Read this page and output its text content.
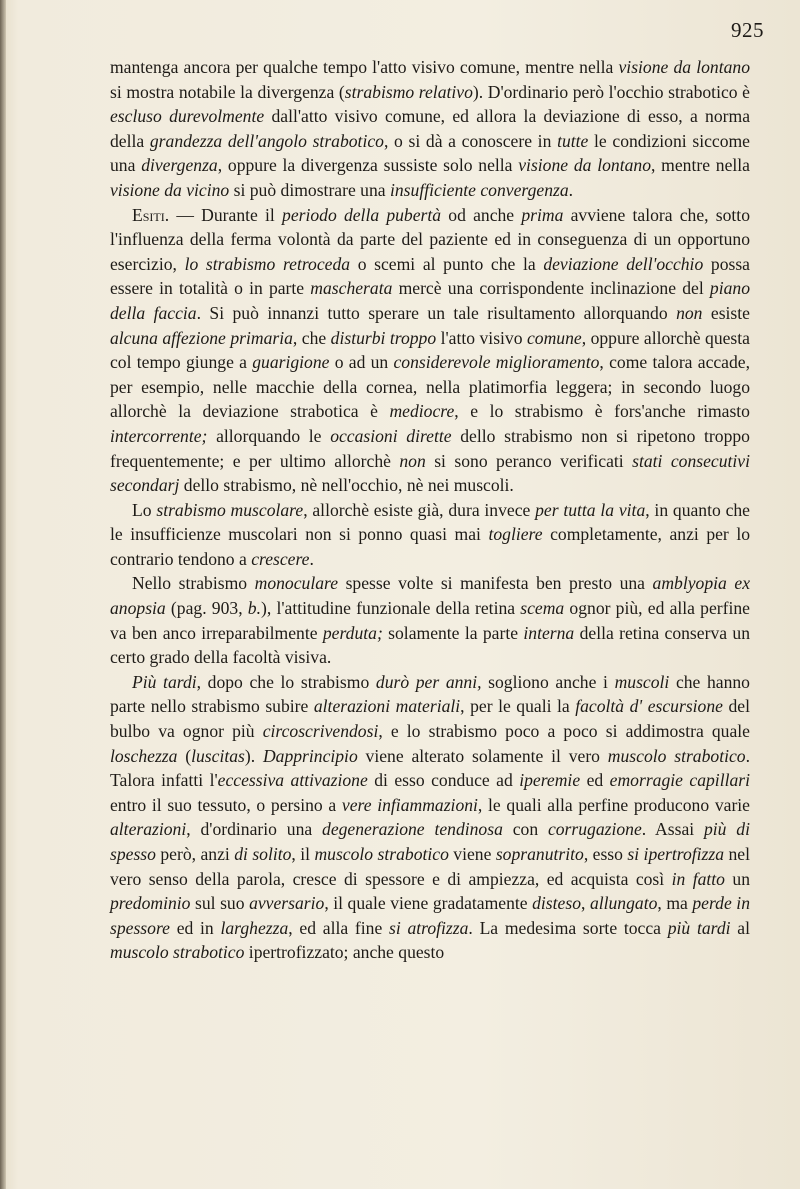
925

mantenga ancora per qualche tempo l'atto visivo comune, mentre nella visione da lontano si mostra notabile la divergenza (strabismo relativo). D'ordinario però l'occhio strabotico è escluso durevolmente dall'atto visivo comune, ed allora la deviazione di esso, a norma della grandezza dell'angolo strabotico, o si dà a conoscere in tutte le condizioni siccome una divergenza, oppure la divergenza sussiste solo nella visione da lontano, mentre nella visione da vicino si può dimostrare una insufficiente convergenza.

Esiti. — Durante il periodo della pubertà od anche prima avviene talora che, sotto l'influenza della ferma volontà da parte del paziente ed in conseguenza di un opportuno esercizio, lo strabismo retroceda o scemi al punto che la deviazione dell'occhio possa essere in totalità o in parte mascherata mercè una corrispondente inclinazione del piano della faccia. Si può innanzi tutto sperare un tale risultamento allorquando non esiste alcuna affezione primaria, che disturbi troppo l'atto visivo comune, oppure allorchè questa col tempo giunge a guarigione o ad un considerevole miglioramento, come talora accade, per esempio, nelle macchie della cornea, nella platimorfia leggera; in secondo luogo allorchè la deviazione strabotica è mediocre, e lo strabismo è fors'anche rimasto intercorrente; allorquando le occasioni dirette dello strabismo non si ripetono troppo frequentemente; e per ultimo allorchè non si sono peranco verificati stati consecutivi secondarj dello strabismo, nè nell'occhio, nè nei muscoli.

Lo strabismo muscolare, allorchè esiste già, dura invece per tutta la vita, in quanto che le insufficienze muscolari non si ponno quasi mai togliere completamente, anzi per lo contrario tendono a crescere.

Nello strabismo monoculare spesse volte si manifesta ben presto una amblyopia ex anopsia (pag. 903, b.), l'attitudine funzionale della retina scema ognor più, ed alla perfine va ben anco irreparabilmente perduta; solamente la parte interna della retina conserva un certo grado della facoltà visiva.

Più tardi, dopo che lo strabismo durò per anni, sogliono anche i muscoli che hanno parte nello strabismo subire alterazioni materiali, per le quali la facoltà d' escursione del bulbo va ognor più circoscrivendosi, e lo strabismo poco a poco si addimostra quale loschezza (luscitas). Dapprincipio viene alterato solamente il vero muscolo strabotico. Talora infatti l'eccessiva attivazione di esso conduce ad iperemie ed emorragie capillari entro il suo tessuto, o persino a vere infiammazioni, le quali alla perfine producono varie alterazioni, d'ordinario una degenerazione tendinosa con corrugazione. Assai più di spesso però, anzi di solito, il muscolo strabotico viene sopranutrito, esso si ipertrofizza nel vero senso della parola, cresce di spessore e di ampiezza, ed acquista così in fatto un predominio sul suo avversario, il quale viene gradatamente disteso, allungato, ma perde in spessore ed in larghezza, ed alla fine si atrofizza. La medesima sorte tocca più tardi al muscolo strabotico ipertrofizzato; anche questo
